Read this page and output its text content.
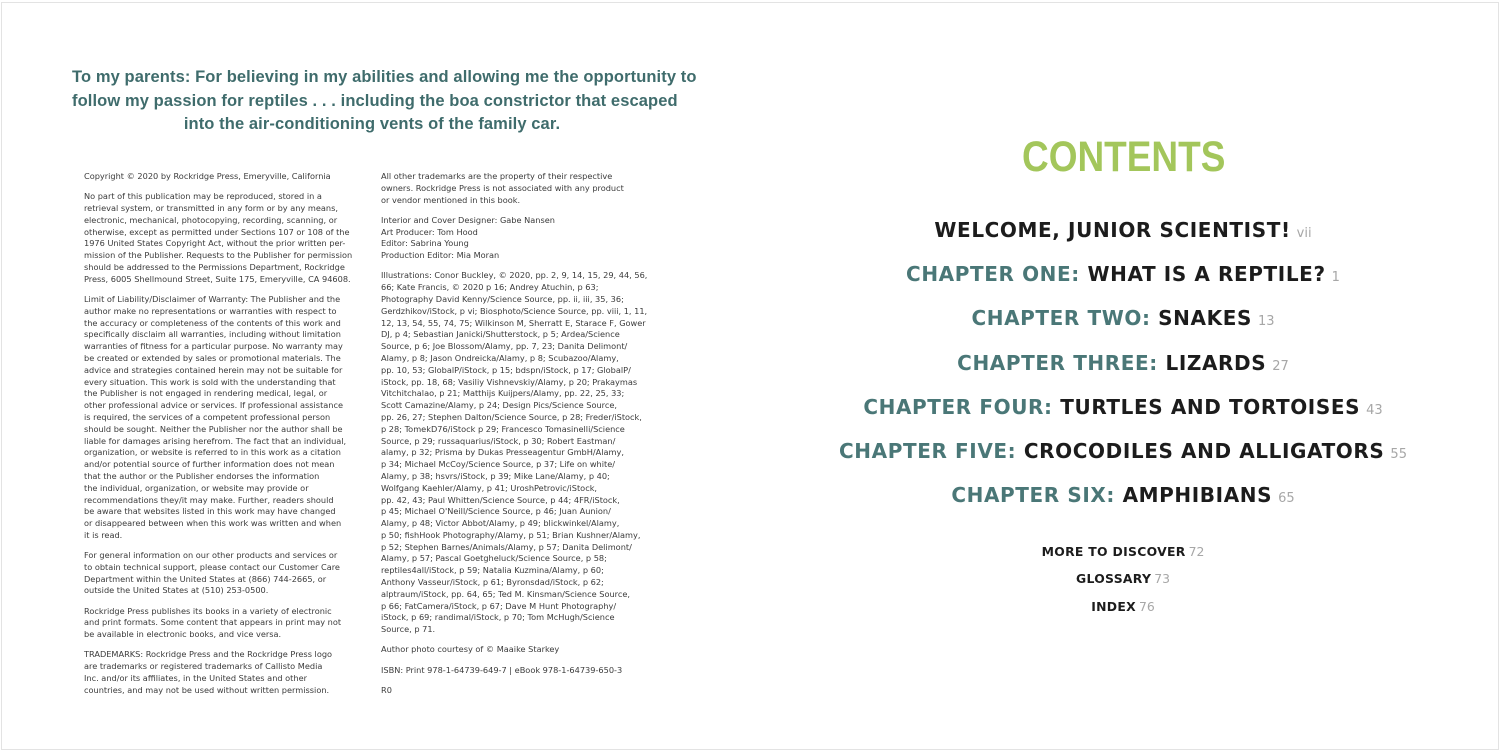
To my parents: For believing in my abilities and allowing me the opportunity to
follow my passion for reptiles . . . including the boa constrictor that escaped
into the air-conditioning vents of the family car.

Copyright © 2020 by Rockridge Press, Emeryville, California

No part of this publication may be reproduced, stored in a
retrieval system, or transmitted in any form or by any means,
electronic, mechanical, photocopying, recording, scanning, or
otherwise, except as permitted under Sections 107 or 108 of the
1976 United States Copyright Act, without the prior written per-
mission of the Publisher. Requests to the Publisher for permission
should be addressed to the Permissions Department, Rockridge
Press, 6005 Shellmound Street, Suite 175, Emeryville, CA 94608.

Limit of Liability/Disclaimer of Warranty: The Publisher and the
author make no representations or warranties with respect to
the accuracy or completeness of the contents of this work and
specifically disclaim all warranties, including without limitation
warranties of fitness for a particular purpose. No warranty may
be created or extended by sales or promotional materials. The
advice and strategies contained herein may not be suitable for
every situation. This work is sold with the understanding that
the Publisher is not engaged in rendering medical, legal, or
other professional advice or services. If professional assistance
is required, the services of a competent professional person
should be sought. Neither the Publisher nor the author shall be
liable for damages arising herefrom. The fact that an individual,
organization, or website is referred to in this work as a citation
and/or potential source of further information does not mean
that the author or the Publisher endorses the information
the individual, organization, or website may provide or
recommendations they/it may make. Further, readers should
be aware that websites listed in this work may have changed
or disappeared between when this work was written and when
it is read.

For general information on our other products and services or
to obtain technical support, please contact our Customer Care
Department within the United States at (866) 744-2665, or
outside the United States at (510) 253-0500.

Rockridge Press publishes its books in a variety of electronic
and print formats. Some content that appears in print may not
be available in electronic books, and vice versa.

TRADEMARKS: Rockridge Press and the Rockridge Press logo
are trademarks or registered trademarks of Callisto Media
Inc. and/or its affiliates, in the United States and other
countries, and may not be used without written permission.

All other trademarks are the property of their respective
owners. Rockridge Press is not associated with any product
or vendor mentioned in this book.

Interior and Cover Designer: Gabe Nansen
Art Producer: Tom Hood
Editor: Sabrina Young
Production Editor: Mia Moran

Illustrations: Conor Buckley, © 2020, pp. 2, 9, 14, 15, 29, 44, 56,
66; Kate Francis, © 2020 p 16; Andrey Atuchin, p 63;
Photography David Kenny/Science Source, pp. ii, iii, 35, 36;
Gerdzhikov/iStock, p vi; Biosphoto/Science Source, pp. viii, 1, 11,
12, 13, 54, 55, 74, 75; Wilkinson M, Sherratt E, Starace F, Gower
DJ, p 4; Sebastian Janicki/Shutterstock, p 5; Ardea/Science
Source, p 6; Joe Blossom/Alamy, pp. 7, 23; Danita Delimont/
Alamy, p 8; Jason Ondreicka/Alamy, p 8; Scubazoo/Alamy,
pp. 10, 53; GlobalP/iStock, p 15; bdspn/iStock, p 17; GlobalP/
iStock, pp. 18, 68; Vasiliy Vishnevskiy/Alamy, p 20; Prakaymas
Vitchitchalao, p 21; Matthijs Kuijpers/Alamy, pp. 22, 25, 33;
Scott Camazine/Alamy, p 24; Design Pics/Science Source,
pp. 26, 27; Stephen Dalton/Science Source, p 28; Freder/iStock,
p 28; TomekD76/iStock p 29; Francesco Tomasinelli/Science
Source, p 29; russaquarius/iStock, p 30; Robert Eastman/
alamy, p 32; Prisma by Dukas Presseagentur GmbH/Alamy,
p 34; Michael McCoy/Science Source, p 37; Life on white/
Alamy, p 38; hsvrs/iStock, p 39; Mike Lane/Alamy, p 40;
Wolfgang Kaehler/Alamy, p 41; UroshPetrovic/iStock,
pp. 42, 43; Paul Whitten/Science Source, p 44; 4FR/iStock,
p 45; Michael O'Neill/Science Source, p 46; Juan Aunion/
Alamy, p 48; Victor Abbot/Alamy, p 49; blickwinkel/Alamy,
p 50; fishHook Photography/Alamy, p 51; Brian Kushner/Alamy,
p 52; Stephen Barnes/Animals/Alamy, p 57; Danita Delimont/
Alamy, p 57; Pascal Goetgheluck/Science Source, p 58;
reptiles4all/iStock, p 59; Natalia Kuzmina/Alamy, p 60;
Anthony Vasseur/iStock, p 61; Byronsdad/iStock, p 62;
alptraum/iStock, pp. 64, 65; Ted M. Kinsman/Science Source,
p 66; FatCamera/iStock, p 67; Dave M Hunt Photography/
iStock, p 69; randimal/iStock, p 70; Tom McHugh/Science
Source, p 71.

Author photo courtesy of © Maaike Starkey

ISBN: Print 978-1-64739-649-7 | eBook 978-1-64739-650-3

R0

CONTENTS
WELCOME, JUNIOR SCIENTIST! vii
CHAPTER ONE: WHAT IS A REPTILE? 1
CHAPTER TWO: SNAKES 13
CHAPTER THREE: LIZARDS 27
CHAPTER FOUR: TURTLES AND TORTOISES 43
CHAPTER FIVE: CROCODILES AND ALLIGATORS 55
CHAPTER SIX: AMPHIBIANS 65
MORE TO DISCOVER 72
GLOSSARY 73
INDEX 76
